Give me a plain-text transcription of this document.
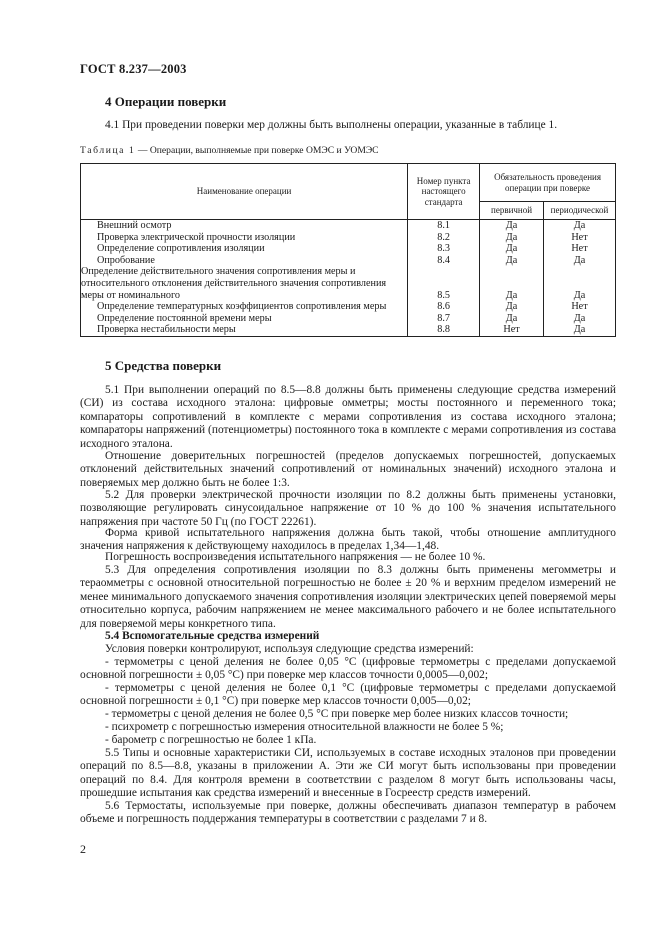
ГОСТ 8.237—2003
4 Операции поверки

4.1 При проведении поверки мер должны быть выполнены операции, указанные в таблице 1.

Таблица 1 — Операции, выполняемые при поверке ОМЭС и УОМЭС
Наименование операции	Номер пункта настоящего стандарта	Обязательность проведения операции при поверке	
		первичной	периодической
Внешний осмотр	8.1	Да	Да
Проверка электрической прочности изоляции	8.2	Да	Нет
Определение сопротивления изоляции	8.3	Да	Нет
Опробование	8.4	Да	Да
Определение действительного значения сопротивления меры и относительного отклонения действительного значения сопротивления меры от номинального	8.5	Да	Да
Определение температурных коэффициентов сопротивления меры	8.6	Да	Нет
Определение постоянной времени меры	8.7	Да	Да
Проверка нестабильности меры	8.8	Нет	Да
5 Средства поверки

5.1 При выполнении операций по 8.5—8.8 должны быть применены следующие средства измерений (СИ) из состава исходного эталона: цифровые омметры; мосты постоянного и переменного тока; компараторы сопротивлений в комплекте с мерами сопротивления из состава исходного эталона; компараторы напряжений (потенциометры) постоянного тока в комплекте с мерами сопротивления из состава исходного эталона.

Отношение доверительных погрешностей (пределов допускаемых погрешностей, допускаемых отклонений действительных значений сопротивлений от номинальных значений) исходного эталона и поверяемых мер должно быть не более 1:3.

5.2 Для проверки электрической прочности изоляции по 8.2 должны быть применены установки, позволяющие регулировать синусоидальное напряжение от 10 % до 100 % значения испытательного напряжения при частоте 50 Гц (по ГОСТ 22261).

Форма кривой испытательного напряжения должна быть такой, чтобы отношение амплитудного значения напряжения к действующему находилось в пределах 1,34—1,48.

Погрешность воспроизведения испытательного напряжения — не более 10 %.

5.3 Для определения сопротивления изоляции по 8.3 должны быть применены мегомметры и тераомметры с основной относительной погрешностью не более ± 20 % и верхним пределом измерений не менее минимального допускаемого значения сопротивления изоляции электрических цепей поверяемой меры относительно корпуса, рабочим напряжением не менее максимального рабочего и не более испытательного для поверяемой меры конкретного типа.

5.4 Вспомогательные средства измерений

Условия поверки контролируют, используя следующие средства измерений:

- термометры с ценой деления не более 0,05 °С (цифровые термометры с пределами допускаемой основной погрешности ± 0,05 °С) при поверке мер классов точности 0,0005—0,002;

- термометры с ценой деления не более 0,1 °С (цифровые термометры с пределами допускаемой основной погрешности ± 0,1 °С) при поверке мер классов точности 0,005—0,02;

- термометры с ценой деления не более 0,5 °С при поверке мер более низких классов точности;

- психрометр с погрешностью измерения относительной влажности не более 5 %;

- барометр с погрешностью не более 1 кПа.

5.5 Типы и основные характеристики СИ, используемых в составе исходных эталонов при проведении операций по 8.5—8.8, указаны в приложении А. Эти же СИ могут быть использованы при проведении операций по 8.4. Для контроля времени в соответствии с разделом 8 могут быть использованы часы, прошедшие испытания как средства измерений и внесенные в Госреестр средств измерений.

5.6 Термостаты, используемые при поверке, должны обеспечивать диапазон температур в рабочем объеме и погрешность поддержания температуры в соответствии с разделами 7 и 8.

2
